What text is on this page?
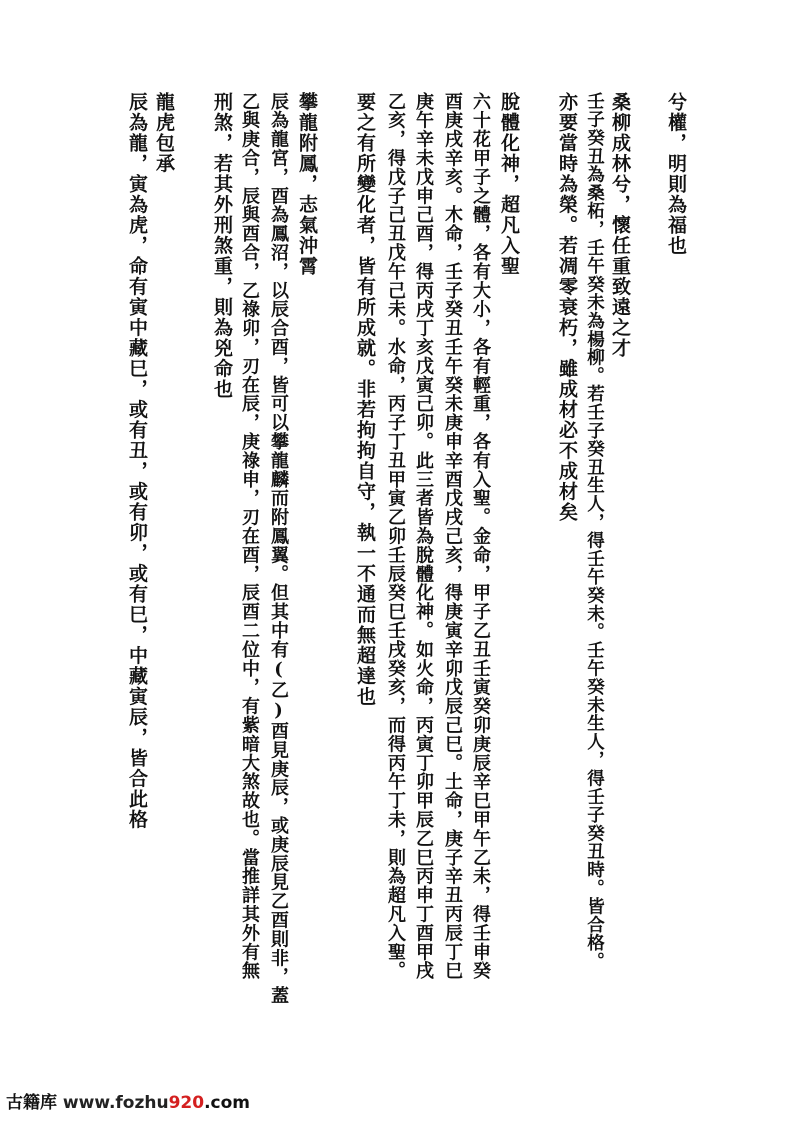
兮權，明則為福也
桑柳成林兮，懷任重致遠之才
壬子癸丑為桑柘，壬午癸未為楊柳。若壬子癸丑生人，得壬午癸未。壬午癸未生人，得壬子癸丑時。皆合格。
亦要當時為榮。若凋零衰朽，雖成材必不成材矣
脫體化神，超凡入聖
六十花甲子之體，各有大小，各有輕重，各有入聖。金命，甲子乙丑壬寅癸卯庚辰辛巳甲午乙未，得壬申癸
酉庚戌辛亥。木命，壬子癸丑壬午癸未庚申辛酉戊戌己亥，得庚寅辛卯戊辰己巳。土命，庚子辛丑丙辰丁巳
庚午辛未戊申己酉，得丙戌丁亥戊寅己卯。此三者皆為脫體化神。如火命，丙寅丁卯甲辰乙巳丙申丁酉甲戌
乙亥，得戊子己丑戊午己未。水命，丙子丁丑甲寅乙卯壬辰癸巳壬戌癸亥，而得丙午丁未，則為超凡入聖。
要之有所變化者，皆有所成就。非若拘拘自守，執一不通而無超達也
攀龍附鳳，志氣沖霄
辰為龍宮，酉為鳳沼，以辰合酉，皆可以攀龍麟而附鳳翼。但其中有(乙)酉見庚辰，或庚辰見乙酉則非，蓋
乙與庚合，辰與酉合，乙祿卯，刃在辰，庚祿申，刃在酉，辰酉二位中，有紫暗大煞故也。當推詳其外有無
刑煞，若其外刑煞重，則為兇命也
龍虎包承
辰為龍，寅為虎，命有寅中藏巳，或有丑，或有卯，或有巳，中藏寅辰，皆合此格
古籍库 www.fozhu920.com
